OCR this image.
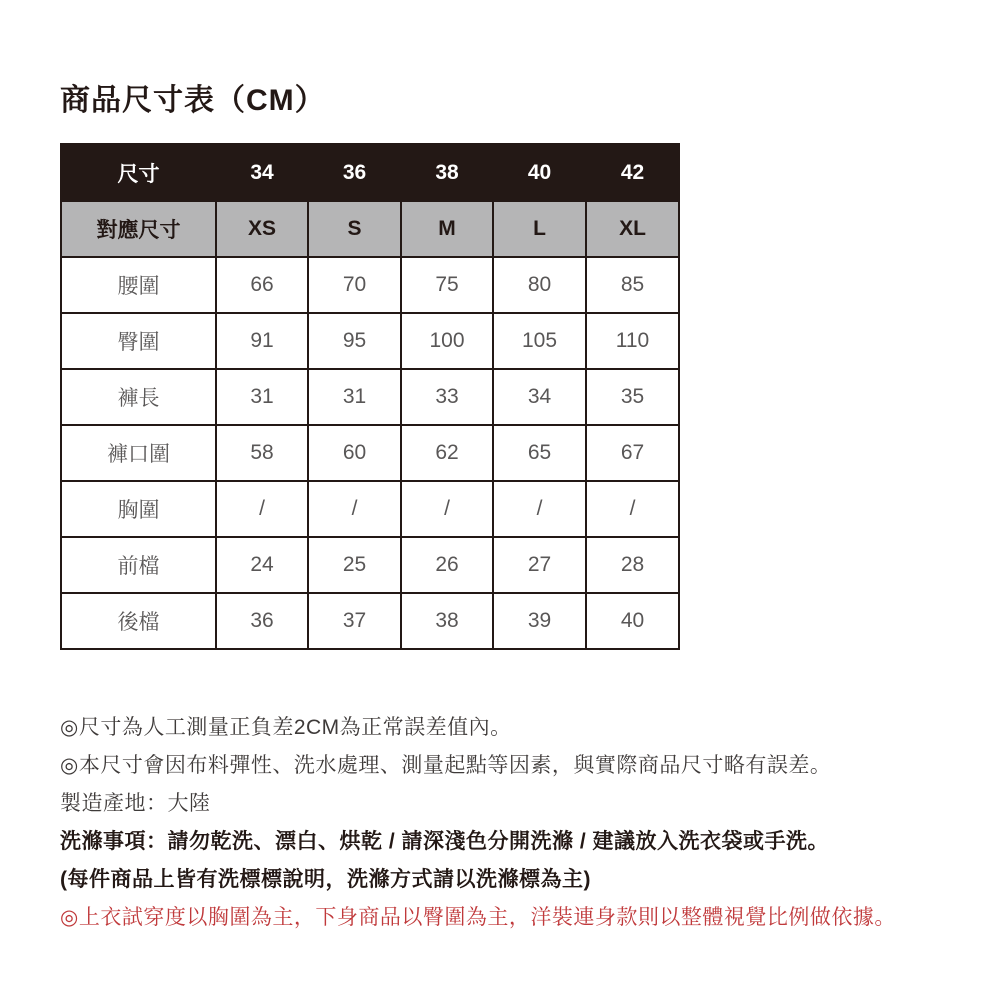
商品尺寸表（CM）
尺寸	34	36	38	40	42
對應尺寸	XS	S	M	L	XL
腰圍	66	70	75	80	85
臀圍	91	95	100	105	110
褲長	31	31	33	34	35
褲口圍	58	60	62	65	67
胸圍	/	/	/	/	/
前檔	24	25	26	27	28
後檔	36	37	38	39	40

◎尺寸為人工測量正負差2CM為正常誤差值內。

◎本尺寸會因布料彈性、洗水處理、測量起點等因素，與實際商品尺寸略有誤差。

製造產地：大陸

洗滌事項：請勿乾洗、漂白、烘乾 / 請深淺色分開洗滌 / 建議放入洗衣袋或手洗。

(每件商品上皆有洗標標說明，洗滌方式請以洗滌標為主)

◎上衣試穿度以胸圍為主，下身商品以臀圍為主，洋裝連身款則以整體視覺比例做依據。
